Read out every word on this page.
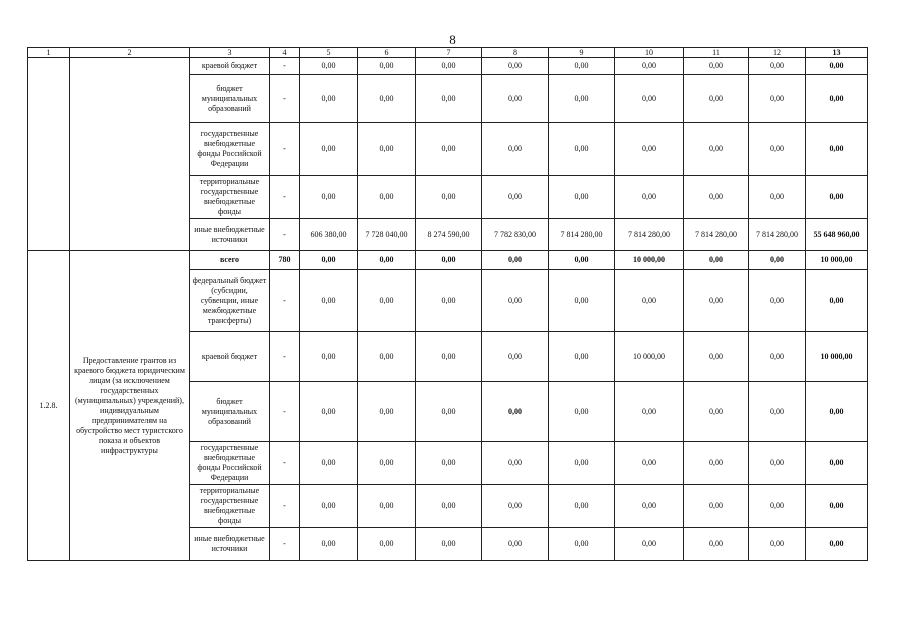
8
1	2	3	4	5	6	7	8	9	10	11	12	13
		краевой бюджет	-	0,00	0,00	0,00	0,00	0,00	0,00	0,00	0,00	0,00
		бюджет муниципальных образований	-	0,00	0,00	0,00	0,00	0,00	0,00	0,00	0,00	0,00
		государственные внебюджетные фонды Российской Федерации	-	0,00	0,00	0,00	0,00	0,00	0,00	0,00	0,00	0,00
		территориальные государственные внебюджетные фонды	-	0,00	0,00	0,00	0,00	0,00	0,00	0,00	0,00	0,00
		иные внебюджетные источники	-	606 380,00	7 728 040,00	8 274 590,00	7 782 830,00	7 814 280,00	7 814 280,00	7 814 280,00	7 814 280,00	55 648 960,00
1.2.8.	Предоставление грантов из краевого бюджета юридическим лицам (за исключением государственных (муниципальных) учреждений), индивидуальным предпринимателям на обустройство мест туристского показа и объектов инфраструктуры	всего	780	0,00	0,00	0,00	0,00	0,00	10 000,00	0,00	0,00	10 000,00
		федеральный бюджет (субсидии, субвенции, иные межбюджетные трансферты)	-	0,00	0,00	0,00	0,00	0,00	0,00	0,00	0,00	0,00
		краевой бюджет	-	0,00	0,00	0,00	0,00	0,00	10 000,00	0,00	0,00	10 000,00
		бюджет муниципальных образований	-	0,00	0,00	0,00	0,00	0,00	0,00	0,00	0,00	0,00
		государственные внебюджетные фонды Российской Федерации	-	0,00	0,00	0,00	0,00	0,00	0,00	0,00	0,00	0,00
		территориальные государственные внебюджетные фонды	-	0,00	0,00	0,00	0,00	0,00	0,00	0,00	0,00	0,00
		иные внебюджетные источники	-	0,00	0,00	0,00	0,00	0,00	0,00	0,00	0,00	0,00
